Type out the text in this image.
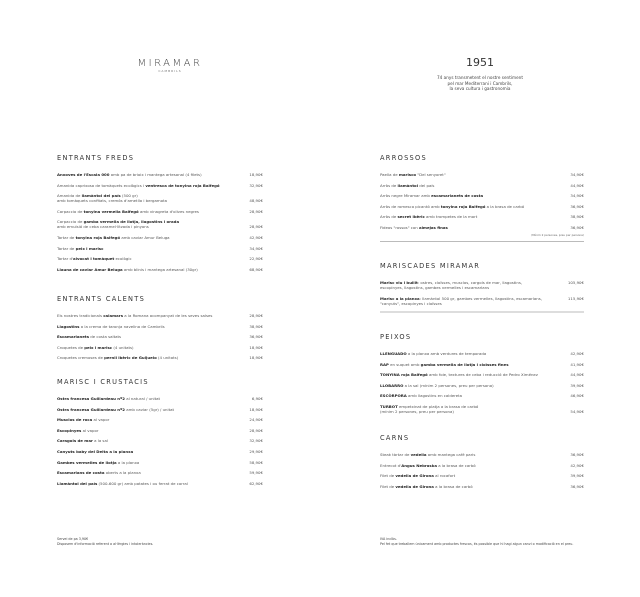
MIRAMAR
CAMBRILS
1951
74 anys transmetent el nostre sentiment
pel mar Mediterrani i Cambrils,
la seva cultura i gastronomia
ENTRANTS FREDS
Anxoves de l'Escala 000 amb pa de brioix i mantega artesanal (4 filets)	18,90€
Amanida caprixosa de tomàquets ecològics i ventresca de tonyina roja Balfegó	32,90€
Amanida de llamàntol del país (500 gr)
amb tomàquets confitats, cremós d'ametlla i bergamota	48,90€
Carpaccio de tonyina vermella Balfegó amb vinagreta d'olives negres	28,90€
Carpaccio de gamba vermella de llotja, llagostins i orada
amb emulsió de ceba caramel·litzada i pinyons	28,90€
Tartar de tonyina roja Balfegó amb caviar Amur Beluga	42,90€
Tartar de peix i marisc	34,90€
Tartar d'alvocat i tomàquet ecològic	22,90€
Llauna de caviar Amur Beluga amb blinis i mantega artesanal (30gr)	68,90€
ENTRANTS CALENTS
Els nostres tradicionals calamars a la Romana acompanyat de les seves salses	28,90€
Llagostins a la crema de taronja navelina de Cambrils	38,90€
Escamarlanets de costa saltats	36,90€
Croquetes de peix i marisc (4 unitats)	18,90€
Croquetes cremoses de pernil ibèric de Guijuelo (4 unitats)	18,90€
MARISC I CRUSTACIS
Ostra francesa Guillardeau nº2 al natural / unitat	6,90€
Ostra francesa Guillardeau nº2 amb caviar (5gr) / unitat	18,90€
Musclos de roca al vapor	24,90€
Escopinyes al vapor	28,90€
Caragols de mar a la sal	32,90€
Canyuts baby del Delta a la planxa	29,90€
Gambes vermelles de llotja a la planxa	58,90€
Escamarlans de costa oberts a la planxa	59,90€
Llamàntol del país (500-600 gr) amb patates i ou ferrat de corral	62,90€
ARROSSOS
Paella de marisco "Del senyoret"	34,90€
Arròs de llamàntol del país	44,90€
Arròs negre Miramar amb escamarlanets de costa	34,90€
Arròs de romesco picantó amb tonyina roja Balfegó a la brasa de carbó	36,90€
Arròs de secret ibèric amb trompetes de la mort	38,90€
Fideos "rossos" con almejas finas	36,90€
(Mínim 2 persones, preu per persona)
MARISCADES MIRAMAR
Marisc viu i bullit: ostres, cloïsses, musclos, cargols de mar, llagostins,
escopinyes, llagostins, gambes vermelles i escamarlans
105,90€
Marisc a la planxa: llamàntol 500 gr, gambes vermelles, llagostins, escamarlans,
"canyuts", escopinyes i cloïsses
115,90€
PEIXOS
LLENGUADO a la planxa amb verdures de temporada	42,90€
RAP en suquet amb gamba vermella de llotja i cloïsses fines	41,90€
TONYINA roja Balfegó amb foie, textures de ceba i reducció de Pedro Ximénez	44,90€
LLOBARRO a la sal (mínim 2 persones, preu per persona)	39,90€
ESCÒRPORA amb llagostins en caldereta	46,90€
TURBOT empetxinat de platja a la brasa de carbó
(mínim 2 persones, preu per persona)	54,90€
CARNS
Steak tàrtar de vedella amb mantega café paris	36,90€
Entrecot d'Angus Nebraska a la brasa de carbó	42,90€
Filet de vedella de Girona al rocafort	39,90€
Filet de vedella de Girona a la brasa de carbó	36,90€
Servei de pa 3,90€
Disposem d'informació referent a al·lèrgies i intoleràncies.
IVA inclòs.
Pel fet que treballem únicament amb productes frescos, és possible que hi hagi algun canvi o modificació en el preu.
